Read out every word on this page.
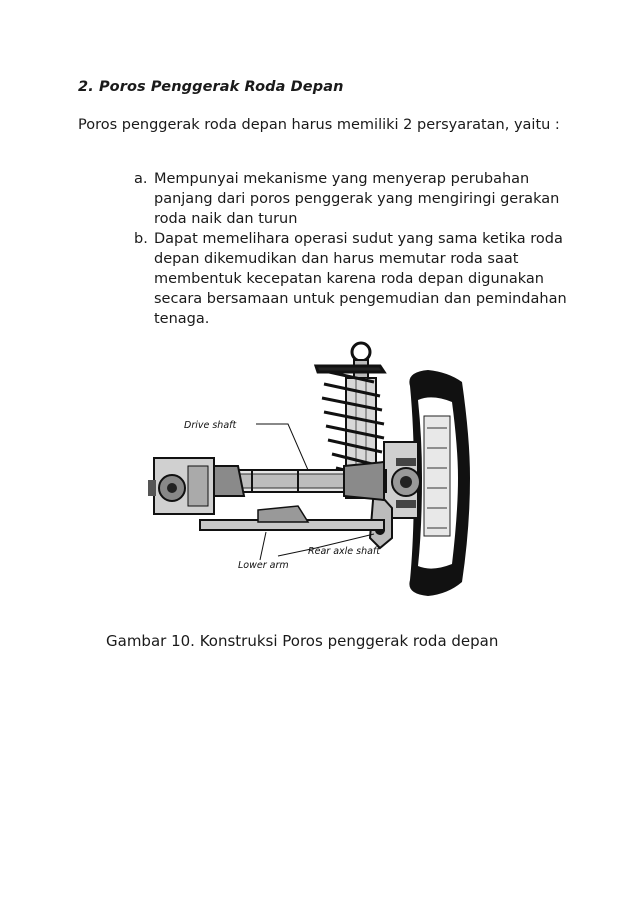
2. Poros Penggerak Roda Depan
Poros penggerak roda depan harus memiliki 2 persyaratan, yaitu :
a. Mempunyai mekanisme yang menyerap perubahan panjang dari poros penggerak yang mengiringi gerakan roda naik dan turun
b. Dapat memelihara operasi sudut yang sama ketika roda depan dikemudikan dan harus memutar roda saat membentuk kecepatan karena roda depan digunakan secara bersamaan untuk pengemudian dan pemindahan tenaga.
Drive shaft
Rear axle shaft
Lower arm
Gambar 10. Konstruksi Poros penggerak roda depan
